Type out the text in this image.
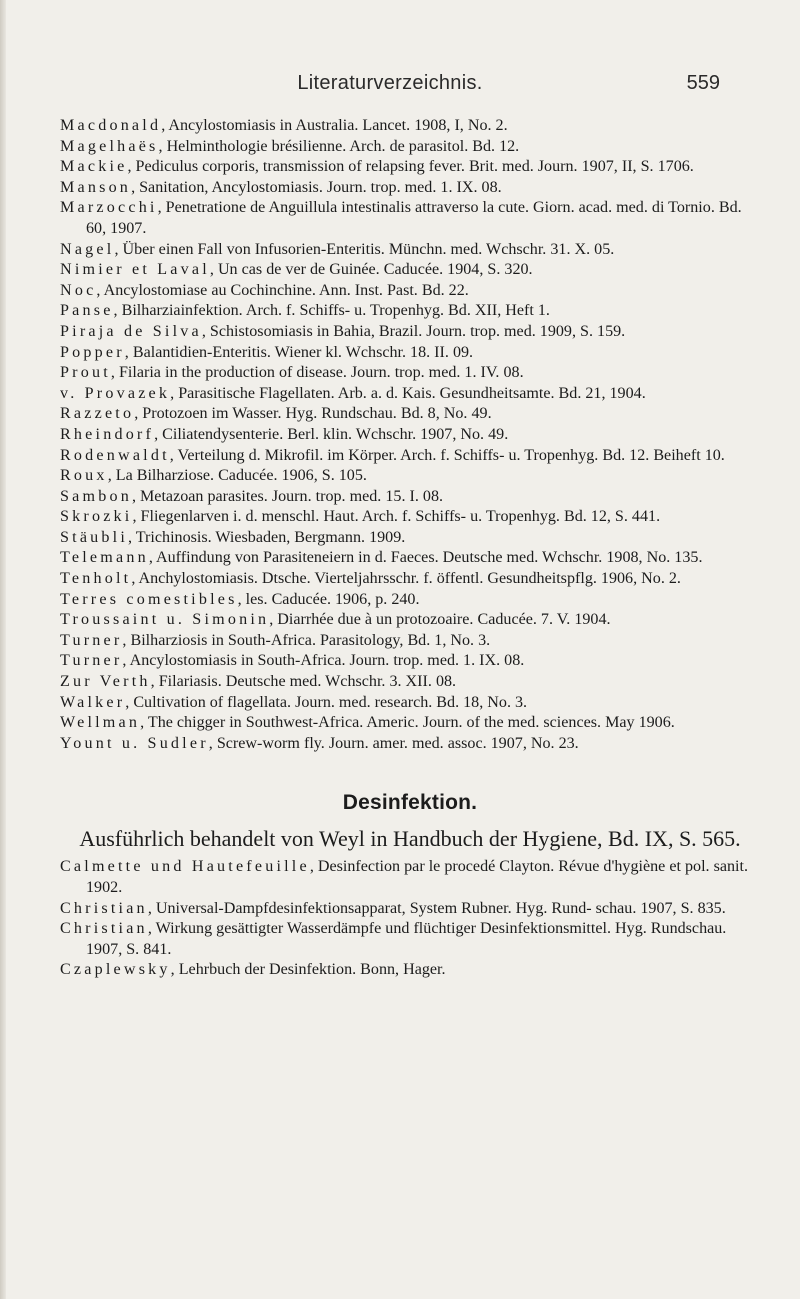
Literaturverzeichnis.	559

Macdonald, Ancylostomiasis in Australia. Lancet. 1908, I, No. 2.

Magelhaës, Helminthologie brésilienne. Arch. de parasitol. Bd. 12.

Mackie, Pediculus corporis, transmission of relapsing fever. Brit. med. Journ. 1907, II, S. 1706.

Manson, Sanitation, Ancylostomiasis. Journ. trop. med. 1. IX. 08.

Marzocchi, Penetratione de Anguillula intestinalis attraverso la cute. Giorn. acad. med. di Tornio. Bd. 60, 1907.

Nagel, Über einen Fall von Infusorien-Enteritis. Münchn. med. Wchschr. 31. X. 05.

Nimier et Laval, Un cas de ver de Guinée. Caducée. 1904, S. 320.

Noc, Ancylostomiase au Cochinchine. Ann. Inst. Past. Bd. 22.

Panse, Bilharziainfektion. Arch. f. Schiffs- u. Tropenhyg. Bd. XII, Heft 1.

Piraja de Silva, Schistosomiasis in Bahia, Brazil. Journ. trop. med. 1909, S. 159.

Popper, Balantidien-Enteritis. Wiener kl. Wchschr. 18. II. 09.

Prout, Filaria in the production of disease. Journ. trop. med. 1. IV. 08.

v. Provazek, Parasitische Flagellaten. Arb. a. d. Kais. Gesundheitsamte. Bd. 21, 1904.

Razzeto, Protozoen im Wasser. Hyg. Rundschau. Bd. 8, No. 49.

Rheindorf, Ciliatendysenterie. Berl. klin. Wchschr. 1907, No. 49.

Rodenwaldt, Verteilung d. Mikrofil. im Körper. Arch. f. Schiffs- u. Tropenhyg. Bd. 12. Beiheft 10.

Roux, La Bilharziose. Caducée. 1906, S. 105.

Sambon, Metazoan parasites. Journ. trop. med. 15. I. 08.

Skrozki, Fliegenlarven i. d. menschl. Haut. Arch. f. Schiffs- u. Tropenhyg. Bd. 12, S. 441.

Stäubli, Trichinosis. Wiesbaden, Bergmann. 1909.

Telemann, Auffindung von Parasiteneiern in d. Faeces. Deutsche med. Wchschr. 1908, No. 135.

Tenholt, Anchylostomiasis. Dtsche. Vierteljahrsschr. f. öffentl. Gesundheitspflg. 1906, No. 2.

Terres comestibles, les. Caducée. 1906, p. 240.

Troussaint u. Simonin, Diarrhée due à un protozoaire. Caducée. 7. V. 1904.

Turner, Bilharziosis in South-Africa. Parasitology, Bd. 1, No. 3.

Turner, Ancylostomiasis in South-Africa. Journ. trop. med. 1. IX. 08.

Zur Verth, Filariasis. Deutsche med. Wchschr. 3. XII. 08.

Walker, Cultivation of flagellata. Journ. med. research. Bd. 18, No. 3.

Wellman, The chigger in Southwest-Africa. Americ. Journ. of the med. sciences. May 1906.

Yount u. Sudler, Screw-worm fly. Journ. amer. med. assoc. 1907, No. 23.

Desinfektion.
Ausführlich behandelt von Weyl in Handbuch der Hygiene, Bd. IX, S. 565.

Calmette und Hautefeuille, Desinfection par le procedé Clayton. Révue d'hygiène et pol. sanit. 1902.

Christian, Universal-Dampfdesinfektionsapparat, System Rubner. Hyg. Rund- schau. 1907, S. 835.

Christian, Wirkung gesättigter Wasserdämpfe und flüchtiger Desinfektionsmittel. Hyg. Rundschau. 1907, S. 841.

Czaplewsky, Lehrbuch der Desinfektion. Bonn, Hager.
